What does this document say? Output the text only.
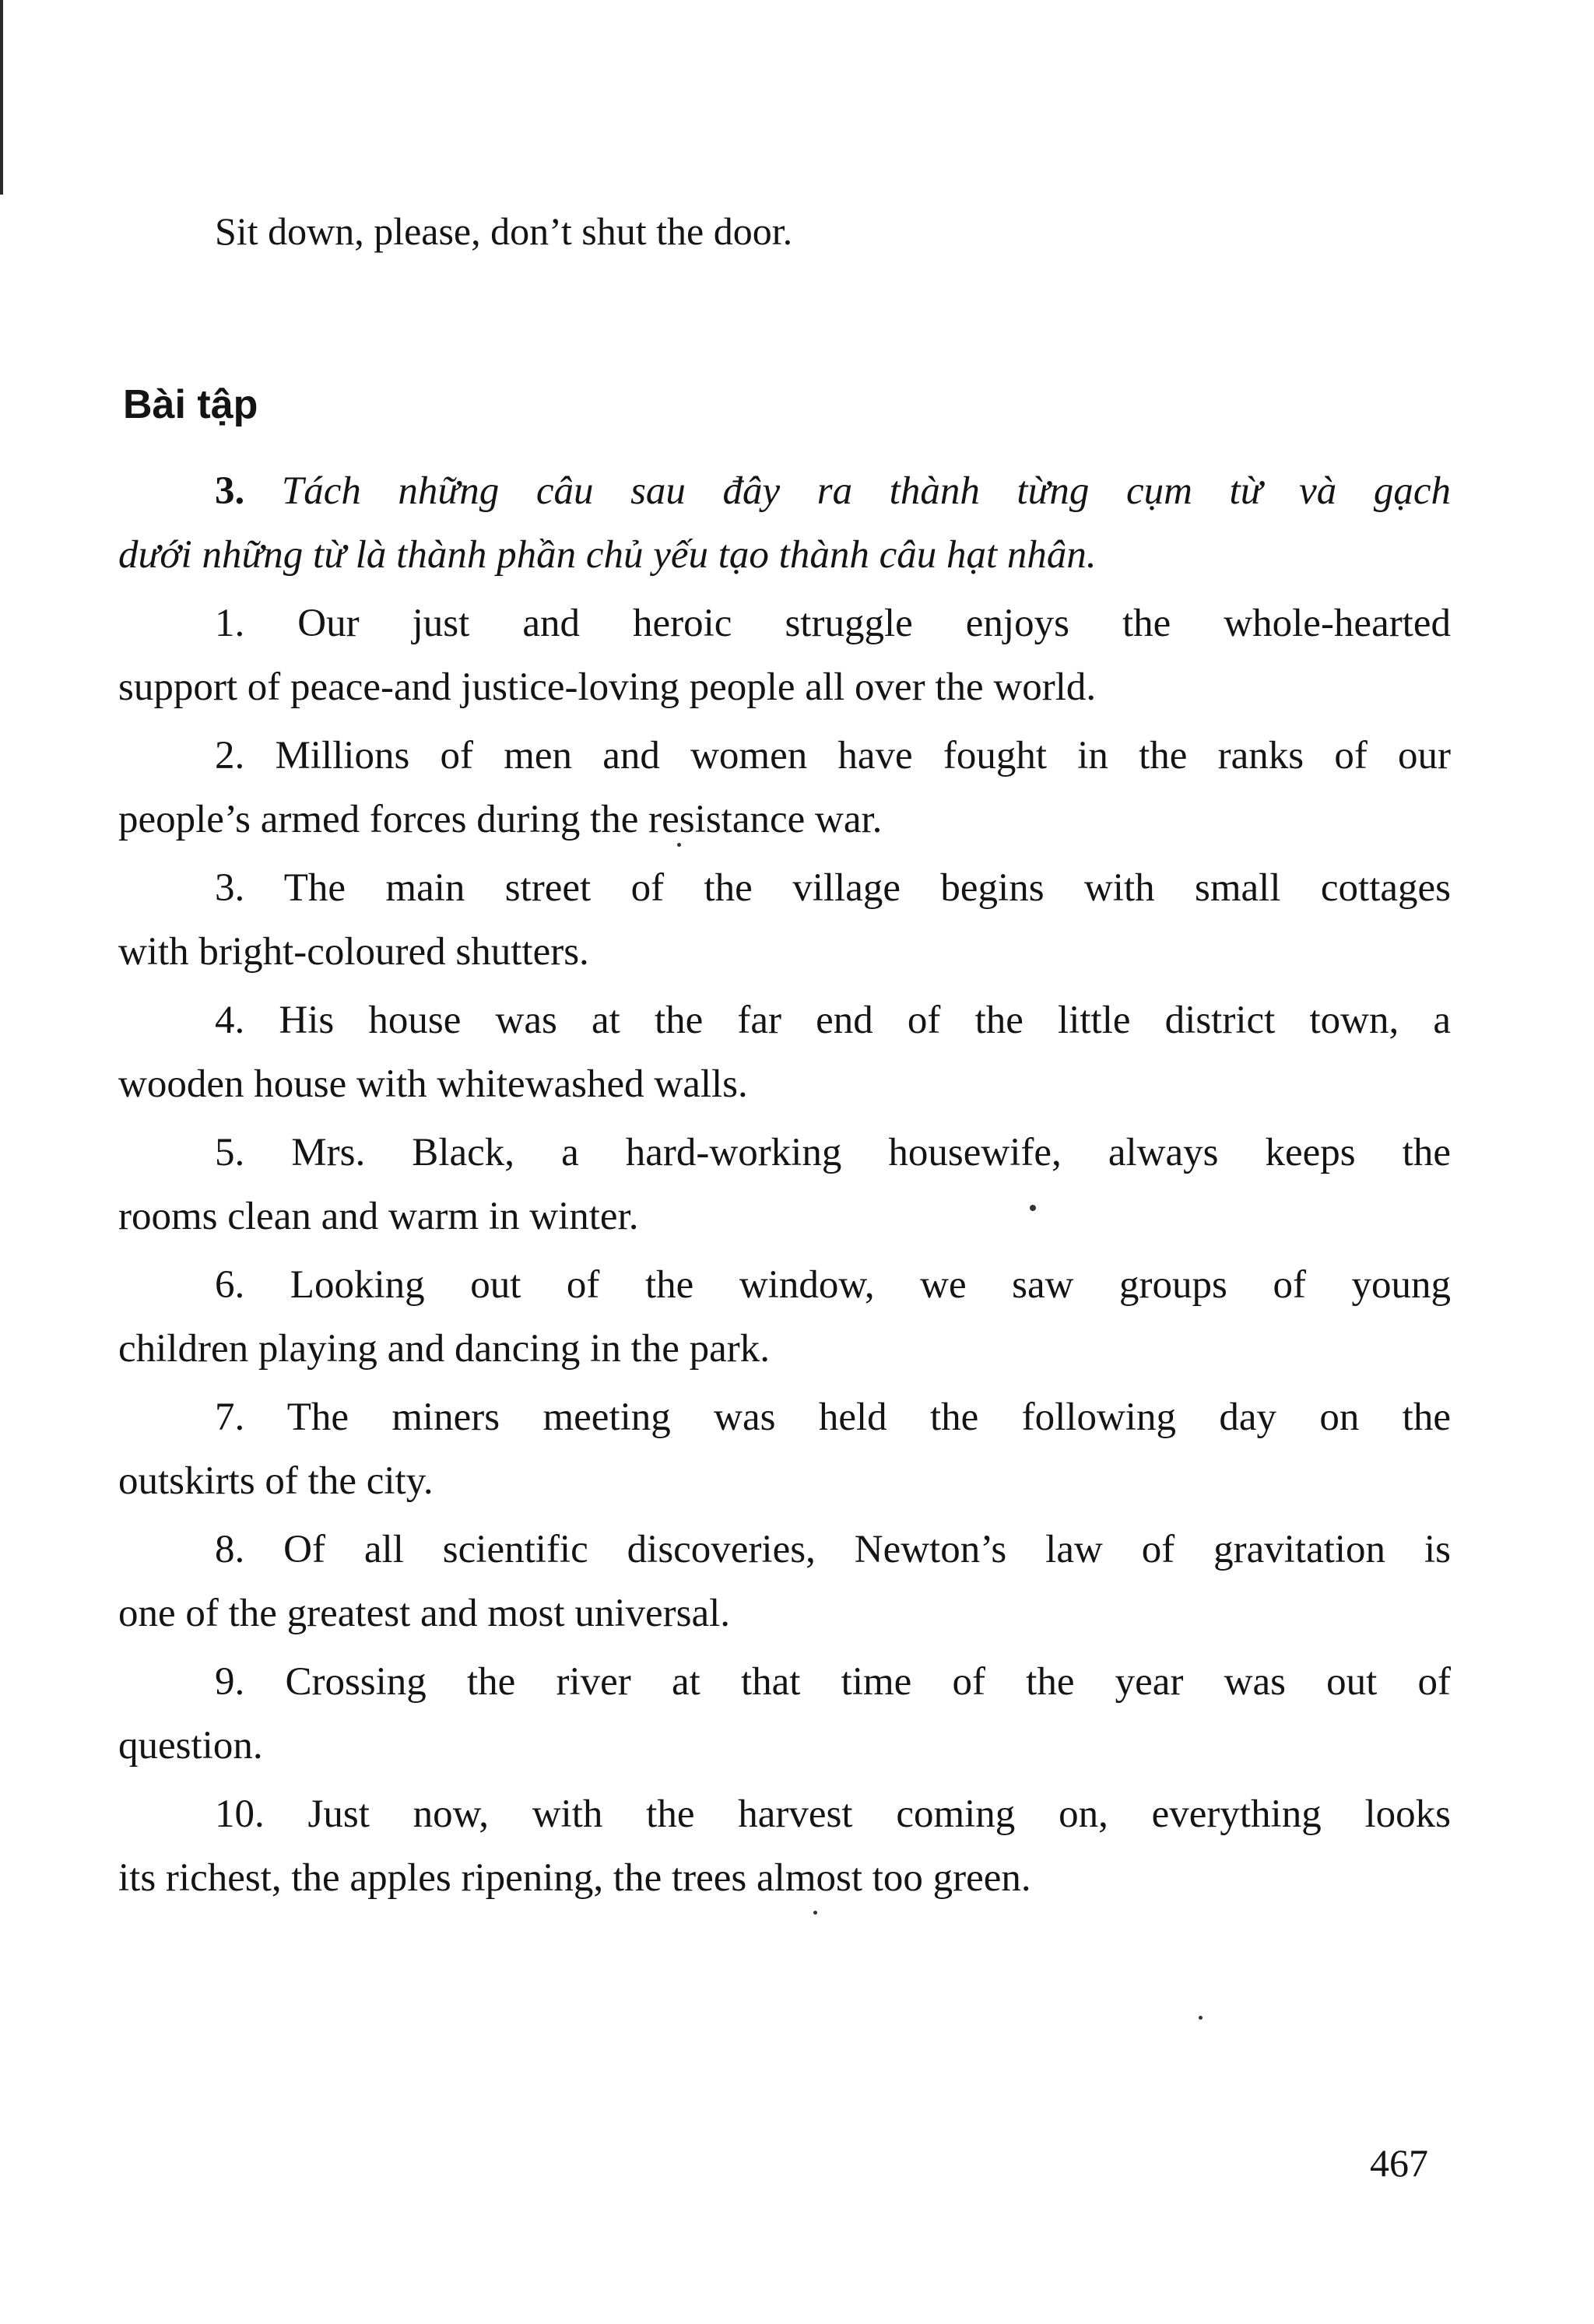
Sit down, please, don’t shut the door.
Bài tập
3. Tách những câu sau đây ra thành từng cụm từ và gạch
dưới những từ là thành phần chủ yếu tạo thành câu hạt nhân.
1. Our just and heroic struggle enjoys the whole-hearted
support of peace-and justice-loving people all over the world.
2. Millions of men and women have fought in the ranks of our
people’s armed forces during the resistance war.
3. The main street of the village begins with small cottages
with bright-coloured shutters.
4. His house was at the far end of the little district town, a
wooden house with whitewashed walls.
5. Mrs. Black, a hard-working housewife, always keeps the
rooms clean and warm in winter.
6. Looking out of the window, we saw groups of young
children playing and dancing in the park.
7. The miners meeting was held the following day on the
outskirts of the city.
8. Of all scientific discoveries, Newton’s law of gravitation is
one of the greatest and most universal.
9. Crossing the river at that time of the year was out of
question.
10. Just now, with the harvest coming on, everything looks
its richest, the apples ripening, the trees almost too green.
467
